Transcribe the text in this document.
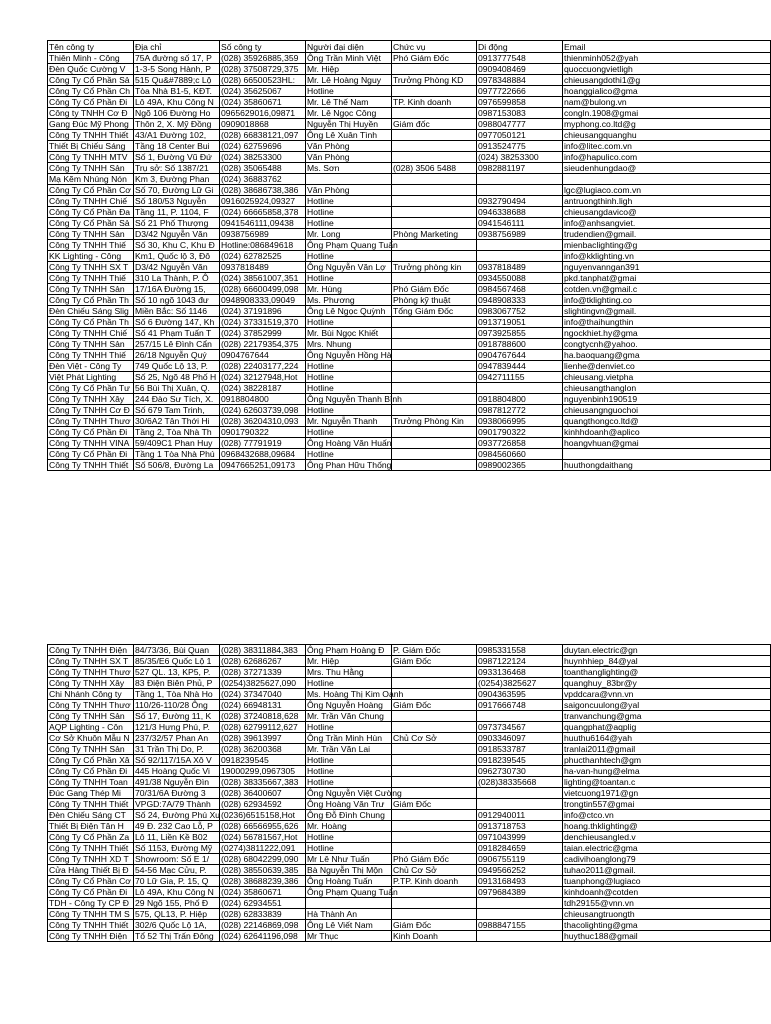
Tên công ty	Địa chỉ	Số công ty	Người đại diện	Chức vụ	Di động	Email
Thiên Minh - Công	75A đường số 17, P	(028) 35926885,359	Ông Trần Minh Việt	Phó Giám Đốc	0913777548	thienminh052@yah
Đèn Quốc Cường V	1-3-5 Song Hành, P	(028) 37508729,375	Mr. Hiệp		0909408469	quoccuongvietligh
Công Ty Cổ Phần Sả	515 Qu&#7889;c Lộ	(028) 66500523HL:	Mr. Lê Hoàng Nguy	Trưởng Phòng KD	0978348884	chieusangdothi1@g
Công Ty Cổ Phần Ch	Tòa Nhà B1-5, KĐT.	(024) 35625067	Hotline		0977722666	hoanggialico@gma
Công Ty Cổ Phần Đi	Lô 49A, Khu Công N	(024) 35860671	Mr. Lê Thế Nam	TP. Kinh doanh	0976599858	nam@bulong.vn
Công ty TNHH Cơ Đ	Ngõ 106 Đường Ho	0965629016,09871	Mr. Lê Ngọc Công		0987153083	congln.1908@gmai
Gang Đúc Mỹ Phong	Thôn 2, X. Mỹ Đồng	0909018868	Nguyễn Thị Huyền	Giám đốc	0988047777	myphong.co.ltd@g
Công Ty TNHH Thiết	43/A1 Đường 102,	(028) 66838121,097	Ông Lê Xuân Tình		0977050121	chieusangquanghu
Thiết Bị Chiếu Sáng	Tầng 18 Center Bui	(024) 62759696	Văn Phòng		0913524775	info@litec.com.vn
Công Ty TNHH MTV	Số 1, Đường Vũ Đứ	(024) 38253300	Văn Phòng		(024) 38253300	info@hapulico.com
Công Ty TNHH Sản	Trụ sở: Số 1387/21	(028) 35065488	Ms. Sơn	(028) 3506 5488	0982881197	sieudenhungdao@
Mạ Kẽm Nhúng Nón	Km 3, Đường Phan	(024) 36883762				
Công Ty Cổ Phần Cơ	Số 70, Đường Lữ Gi	(028) 38686738,386	Văn Phòng			lgc@lugiaco.com.vn
Công Ty TNHH Chiế	Số 180/53 Nguyễn	0916025924,09327	Hotline		0932790494	antruongthinh.ligh
Công Ty Cổ Phần Đa	Tầng 11, P. 1104, F	(024) 66665858,378	Hotline		0946338688	chieusangdavico@
Công Ty Cổ Phần Sả	Số 21 Phố Thượng	0941546111,09438	Hotline		0941546111	info@anhsangviet.
Công Ty TNHH Sản	D3/42 Nguyễn Văn	0938756989	Mr. Long	Phòng Marketing	0938756989	trudendien@gmail.
Công Ty TNHH Thiế	Số 30, Khu C, Khu Đ	Hotline:086849618	Ông Phạm Quang Tuấn			mienbaclighting@g
KK Lighting - Công	Km1, Quốc lộ 3, Đô	(024) 62782525	Hotline			info@kklighting.vn
Công Ty TNHH SX T	D3/42 Nguyễn Văn	0937818489	Ông Nguyễn Văn Lợ	Trưởng phòng kin	0937818489	nguyenvanngan391
Công Ty TNHH Thiế	310 La Thành, P. Ô	(024) 38561007,351	Hotline		0934550088	pkd.tanphat@gmai
Công Ty TNHH Sản	17/16A Đường 15,	(028) 66600499,098	Mr. Hùng	Phó Giám Đốc	0984567468	cotden.vn@gmail.c
Công Ty Cổ Phần Th	Số 10 ngõ 1043 đư	0948908333,09049	Ms. Phương	Phòng kỹ thuật	0948908333	info@tklighting.co
Đèn Chiếu Sáng Slig	Miền Bắc: Số 1146	(024) 37191896	Ông Lê Ngọc Quỳnh	Tổng Giám Đốc	0983067752	slightingvn@gmail.
Công Ty Cổ Phần Th	Số 6 Đường 147, Kh	(024) 37331519,370	Hotline		0913719051	info@thaihungthin
Công Ty TNHH Chiế	Số 41 Phạm Tuấn T	(024) 37852999	Mr. Bùi Ngọc Khiết		0973925855	ngockhiet.hy@gma
Công Ty TNHH Sản	257/15 Lê Đình Cẩn	(028) 22179354,375	Mrs. Nhung		0918788600	congtycnh@yahoo.
Công Ty TNHH Thiế	26/18 Nguyễn Quý	0904767644	Ông Nguyễn Hồng Hà		0904767644	ha.baoquang@gma
Đèn Việt - Công Ty	749 Quốc Lộ 13, P.	(028) 22403177,224	Hotline		0947839444	lienhe@denviet.co
Việt Phát Lighting	Số 25, Ngõ 48 Phố H	(024) 32127948,Hot	Hotline		0942711155	chieusang.vietpha
Công Ty Cổ Phần Tư	56 Bùi Thị Xuân, Q.	(024) 38228187	Hotline			chieusangthanglon
Công Ty TNHH Xây	244 Đào Sư Tích, X.	0918804800	Ông Nguyễn Thanh Bình		0918804800	nguyenbinh190519
Công Ty TNHH Cơ Đ	Số 679 Tam Trinh,	(024) 62603739,098	Hotline		0987812772	chieusangnguochoi
Công Ty TNHH Thươ	30/6A2 Tân Thới Hi	(028) 36204310,093	Mr. Nguyễn Thanh	Trưởng Phòng Kin	0938066995	quangthongco.ltd@
Công Ty Cổ Phần Đi	Tầng 2, Tòa Nhà Th	0901790322	Hotline		0901790322	kinhhdoanh@aplico
Công Ty TNHH VINA	59/409C1 Phan Huy	(028) 77791919	Ông Hoàng Văn Huấn		0937726858	hoangvhuan@gmai
Công Ty Cổ Phần Đi	Tầng 1 Tòa Nhà Phú	0968432688,09684	Hotline		0984560660	
Công Ty TNHH Thiết	Số 506/8, Đường La	0947665251,09173	Ông Phan Hữu Thống		0989002365	huuthongdaithang
Công Ty TNHH Điện	84/73/36, Bùi Quan	(028) 38311884,383	Ông Phạm Hoàng Đ	P. Giám Đốc	0985331558	duytan.electric@gn
Công Ty TNHH SX T	85/35/E6 Quốc Lộ 1	(028) 62686267	Mr. Hiệp	Giám Đốc	0987122124	huynhhiep_84@yal
Công Ty TNHH Thươ	527 QL. 13, KP5, P.	(028) 37271339	Mrs. Thu Hằng		0933136468	toanthanglighting@
Công Ty TNHH Xây	83 Điện Biên Phủ, P	(0254)3825627,090	Hotline		(0254)3825627	quanghuy_83br@y
Chi Nhánh Công ty	Tầng 1, Tòa Nhà Ho	(024) 37347040	Ms. Hoàng Thị Kim Oanh		0904363595	vpddcara@vnn.vn
Công Ty TNHH Thươ	110/26-110/28 Ông	(024) 66948131	Ông Nguyễn Hoàng	Giám Đốc	0917666748	saigoncuulong@yal
Công Ty TNHH Sản	Số 17, Đường 11, K	(028) 37240818,628	Mr. Trần Văn Chung			tranvanchung@gma
AQP Lighting - Côn	121/3 Hưng Phú, P.	(028) 62799112,627	Hotline		0973734567	quangphat@aqplig
Cơ Sở Khuôn Mẫu N	237/32/57 Phan An	(028) 39613997	Ông Trần Minh Hùn	Chủ Cơ Sở	0903346097	huuthu6164@yah
Công Ty TNHH Sản	31 Trần Thị Do, P.	(028) 36200368	Mr. Trần Văn Lai		0918533787	tranlai2011@gmail
Công Ty Cổ Phần Xâ	Số 92/117/15A Xô V	0918239545	Hotline		0918239545	phucthanhtech@gm
Công Ty Cổ Phần Đi	445 Hoàng Quốc Vi	19000299,0967305	Hotline		0962730730	ha-van-hung@elma
Công Ty TNHH Toan	491/38 Nguyễn Đìn	(028) 38335667,383	Hotline		(028)38335668	lighting@toantan.c
Đúc Gang Thép Mi	70/31/6A Đường 3	(028) 36400607	Ông Nguyễn Việt Cường			vietcuong1971@gn
Công Ty TNHH Thiết	VPGD:7A/79 Thành	(028) 62934592	Ông Hoàng Văn Trư	Giám Đốc		trongtin557@gmai
Đèn Chiếu Sáng CT	Số 24, Đường Phú Xu	(0236)6515158,Hot	Ông Đỗ Đình Chung		0912940011	info@ctco.vn
Thiết Bị Điện Tân H	49 Đ. 232 Cao Lỗ, P	(028) 66566955,626	Mr. Hoàng		0913718753	hoang.thklighting@
Công Ty Cổ Phần Za	Lô 11, Liền Kề B02	(024) 56781567,Hot	Hotline		0971043999	denchieusangled.v
Công Ty TNHH Thiết	Số 1153, Đường Mỹ	(0274)3811222,091	Hotline		0918284659	taian.electric@gma
Công Ty TNHH XD T	Showroom: Số E 1/	(028) 68042299,090	Mr Lê Như Tuấn	Phó Giám Đốc	0906755119	cadivihoanglong79
Cửa Hàng Thiết Bị Đ	54-56 Mạc Cửu, P.	(028) 38550639,385	Bà Nguyễn Thị Mộn	Chủ Cơ Sở	0949566252	tuhao2011@gmail.
Công Ty Cổ Phần Cơ	70 Lữ Gia, P. 15, Q	(028) 38688239,386	Ông Hoàng Tuấn	P.TP. Kinh doanh	0913168493	tuanphong@lugiaco
Công Ty Cổ Phần Đi	Lô 49A, Khu Công N	(024) 35860671	Ông Phạm Quang Tuấn		0979684389	kinhdoanh@cotden
TDH - Công Ty CP Đ	29 Ngõ 155, Phố Đ	(024) 62934551				tdh29155@vnn.vn
Công Ty TNHH TM S	575, QL13, P. Hiệp	(028) 62833839	Hà Thành An			chieusangtruongth
Công Ty TNHH Thiết	302/6 Quốc Lộ 1A,	(028) 22146869,098	Ông Lê Viết Nam	Giám Đốc	0988847155	thacolighting@gma
Công Ty TNHH Điện	Tổ 52 Thị Trấn Đông	(024) 62641196,098	Mr Thục	Kinh Doanh		huythuc188@gmail
